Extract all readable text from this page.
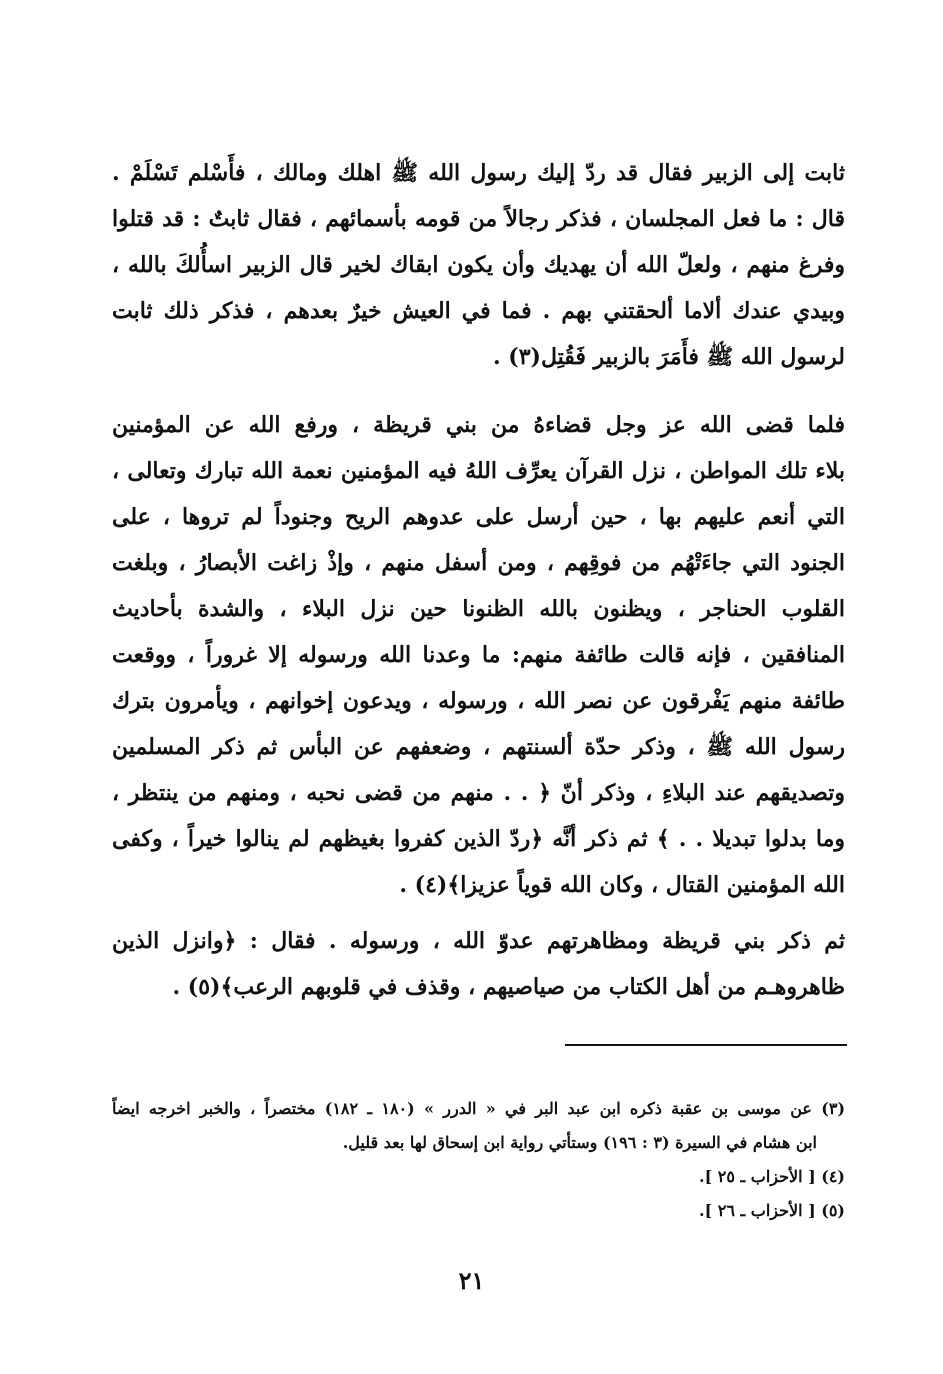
ثابت إلى الزبير فقال قد ردّ إليك رسول الله ﷺ اهلك ومالك ، فأَسْلم تَسْلَمْ .
قال : ما فعل المجلسان ، فذكر رجالاً من قومه بأسمائهم ، فقال ثابتٌ : قد قتلوا
وفرغ منهم ، ولعلّ الله أن يهديك وأن يكون ابقاك لخير قال الزبير اسأُلكَ بالله ،
وبيدي عندك ألاما ألحقتني بهم . فما في العيش خيرٌ بعدهم ، فذكر ذلك ثابت
لرسول الله ﷺ فأَمَرَ بالزبير فَقُتِل(٣) .
فلما قضى الله عز وجل قضاءهُ من بني قريظة ، ورفع الله عن المؤمنين
بلاء تلك المواطن ، نزل القرآن يعرِّف اللهُ فيه المؤمنين نعمة الله تبارك وتعالى ،
التي أنعم عليهم بها ، حين أرسل على عدوهم الريح وجنوداً لم تروها ، على
الجنود التي جاءَتْهُم من فوقِهم ، ومن أسفل منهم ، وإذْ زاغت الأبصارُ ، وبلغت
القلوب الحناجر ، ويظنون بالله الظنونا حين نزل البلاء ، والشدة بأحاديث
المنافقين ، فإنه قالت طائفة منهم: ما وعدنا الله ورسوله إلا غروراً ، ووقعت
طائفة منهم يَفْرقون عن نصر الله ، ورسوله ، ويدعون إخوانهم ، ويأمرون بترك
رسول الله ﷺ ، وذكر حدّة ألسنتهم ، وضعفهم عن البأس ثم ذكر المسلمين
وتصديقهم عند البلاءِ ، وذكر أنّ ﴿ . . منهم من قضى نحبه ، ومنهم من ينتظر ،
وما بدلوا تبديلا . . ﴾ ثم ذكر أنَّه ﴿ردّ الذين كفروا بغيظهم لم ينالوا خيراً ، وكفى
الله المؤمنين القتال ، وكان الله قوياً عزيزا﴾(٤) .
ثم ذكر بني قريظة ومظاهرتهم عدوّ الله ، ورسوله . فقال : ﴿وانزل الذين
ظاهروهـم من أهل الكتاب من صياصيهم ، وقذف في قلوبهم الرعب﴾(٥) .
(٣) عن موسى بن عقبة ذكره ابن عبد البر في « الدرر » (١٨٠ ـ ١٨٢) مختصراً ، والخبر اخرجه ايضاً
ابن هشام في السيرة (٣ : ١٩٦) وستأتي رواية ابن إسحاق لها بعد قليل.
(٤) [ الأحزاب ـ ٢٥ ].
(٥) [ الأحزاب ـ ٢٦ ].
٢١
